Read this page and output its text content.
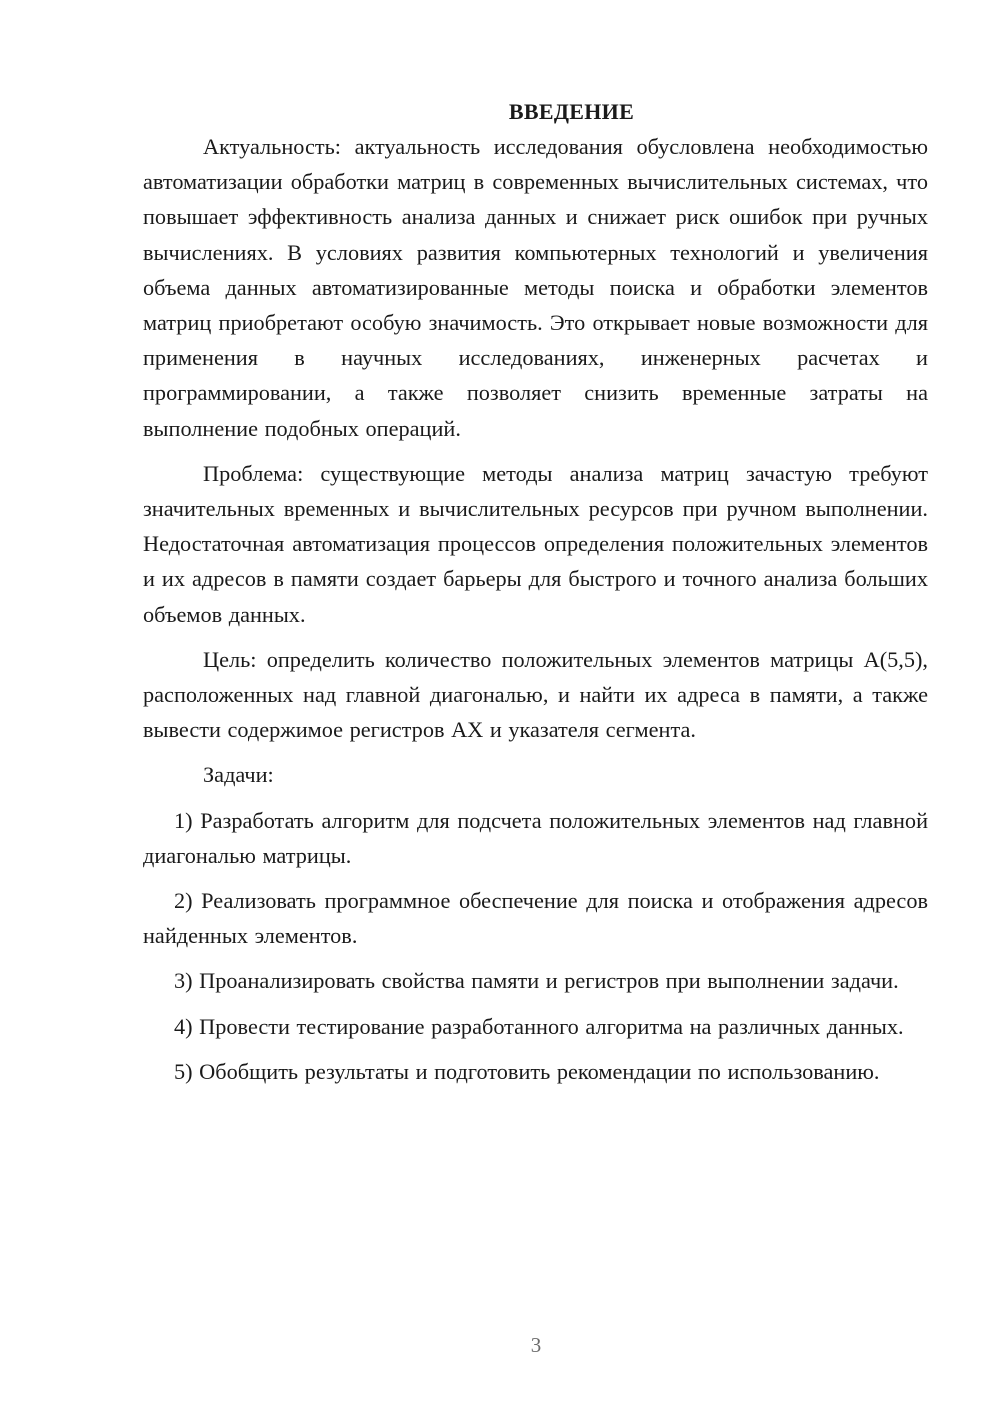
ВВЕДЕНИЕ

Актуальность: актуальность исследования обусловлена необходимостью автоматизации обработки матриц в современных вычислительных системах, что повышает эффективность анализа данных и снижает риск ошибок при ручных вычислениях. В условиях развития компьютерных технологий и увеличения объема данных автоматизированные методы поиска и обработки элементов матриц приобретают особую значимость. Это открывает новые возможности для применения в научных исследованиях, инженерных расчетах и программировании, а также позволяет снизить временные затраты на выполнение подобных операций.

Проблема: существующие методы анализа матриц зачастую требуют значительных временных и вычислительных ресурсов при ручном выполнении. Недостаточная автоматизация процессов определения положительных элементов и их адресов в памяти создает барьеры для быстрого и точного анализа больших объемов данных.

Цель: определить количество положительных элементов матрицы A(5,5), расположенных над главной диагональю, и найти их адреса в памяти, а также вывести содержимое регистров AX и указателя сегмента.

Задачи:

1) Разработать алгоритм для подсчета положительных элементов над главной диагональю матрицы.

2) Реализовать программное обеспечение для поиска и отображения адресов найденных элементов.

3) Проанализировать свойства памяти и регистров при выполнении задачи.

4) Провести тестирование разработанного алгоритма на различных данных.

5) Обобщить результаты и подготовить рекомендации по использованию.

3
